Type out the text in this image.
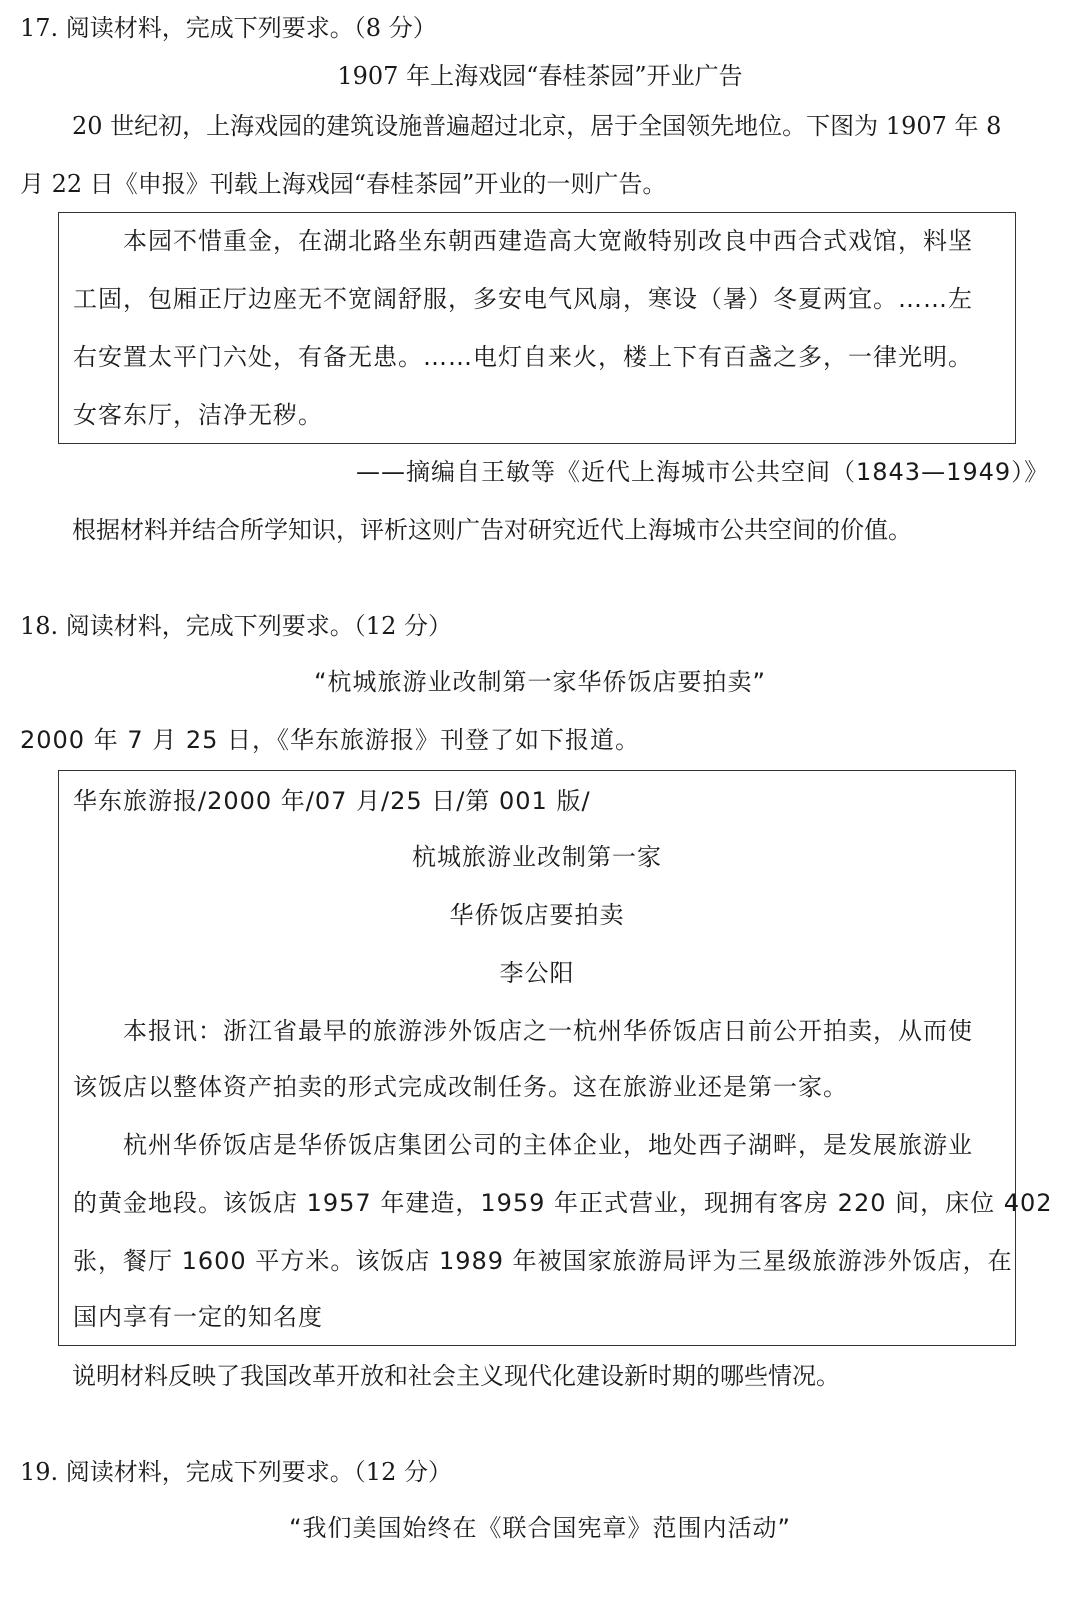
17. 阅读材料，完成下列要求。（8 分）
1907 年上海戏园“春桂茶园”开业广告
20 世纪初，上海戏园的建筑设施普遍超过北京，居于全国领先地位。下图为 1907 年 8
月 22 日《申报》刊载上海戏园“春桂茶园”开业的一则广告。
本园不惜重金，在湖北路坐东朝西建造高大宽敞特别改良中西合式戏馆，料坚
工固，包厢正厅边座无不宽阔舒服，多安电气风扇，寒设（暑）冬夏两宜。……左
右安置太平门六处，有备无患。……电灯自来火，楼上下有百盏之多，一律光明。
女客东厅，洁净无秽。
——摘编自王敏等《近代上海城市公共空间（1843—1949）》
根据材料并结合所学知识，评析这则广告对研究近代上海城市公共空间的价值。
18. 阅读材料，完成下列要求。（12 分）
“杭城旅游业改制第一家华侨饭店要拍卖”
2000 年 7 月 25 日，《华东旅游报》刊登了如下报道。
华东旅游报/2000 年/07 月/25 日/第 001 版/
杭城旅游业改制第一家
华侨饭店要拍卖
李公阳
本报讯：浙江省最早的旅游涉外饭店之一杭州华侨饭店日前公开拍卖，从而使
该饭店以整体资产拍卖的形式完成改制任务。这在旅游业还是第一家。
杭州华侨饭店是华侨饭店集团公司的主体企业，地处西子湖畔，是发展旅游业
的黄金地段。该饭店 1957 年建造，1959 年正式营业，现拥有客房 220 间，床位 402
张，餐厅 1600 平方米。该饭店 1989 年被国家旅游局评为三星级旅游涉外饭店，在
国内享有一定的知名度
说明材料反映了我国改革开放和社会主义现代化建设新时期的哪些情况。
19. 阅读材料，完成下列要求。（12 分）
“我们美国始终在《联合国宪章》范围内活动”
